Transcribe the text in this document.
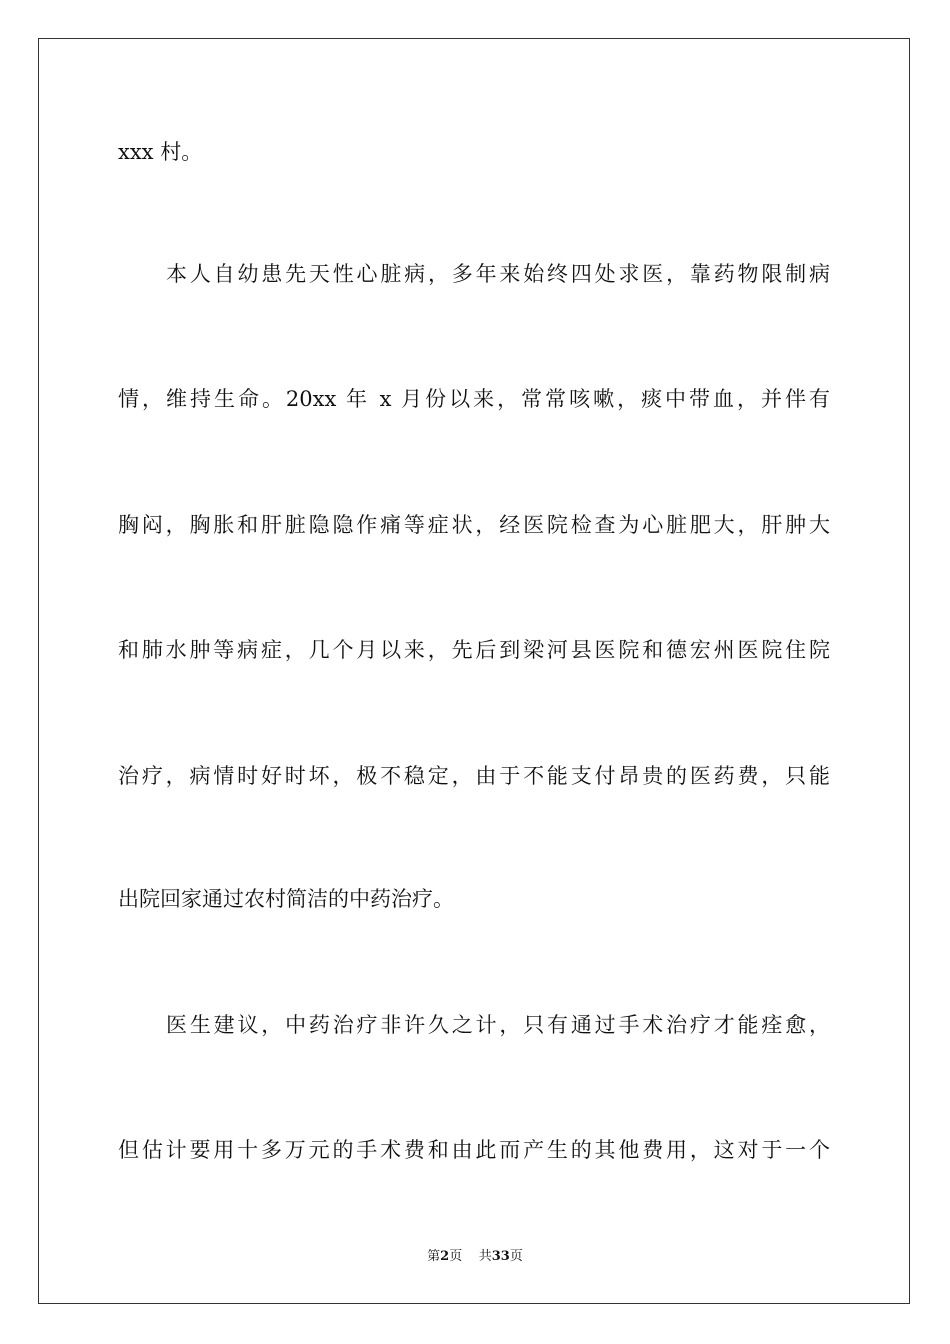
xxx 村。
本人自幼患先天性心脏病，多年来始终四处求医，靠药物限制病
情，维持生命。20xx 年 x 月份以来，常常咳嗽，痰中带血，并伴有
胸闷，胸胀和肝脏隐隐作痛等症状，经医院检查为心脏肥大，肝肿大
和肺水肿等病症，几个月以来，先后到梁河县医院和德宏州医院住院
治疗，病情时好时坏，极不稳定，由于不能支付昂贵的医药费，只能
出院回家通过农村简洁的中药治疗。
医生建议，中药治疗非许久之计，只有通过手术治疗才能痊愈，
但估计要用十多万元的手术费和由此而产生的其他费用，这对于一个
第2页 共33页
